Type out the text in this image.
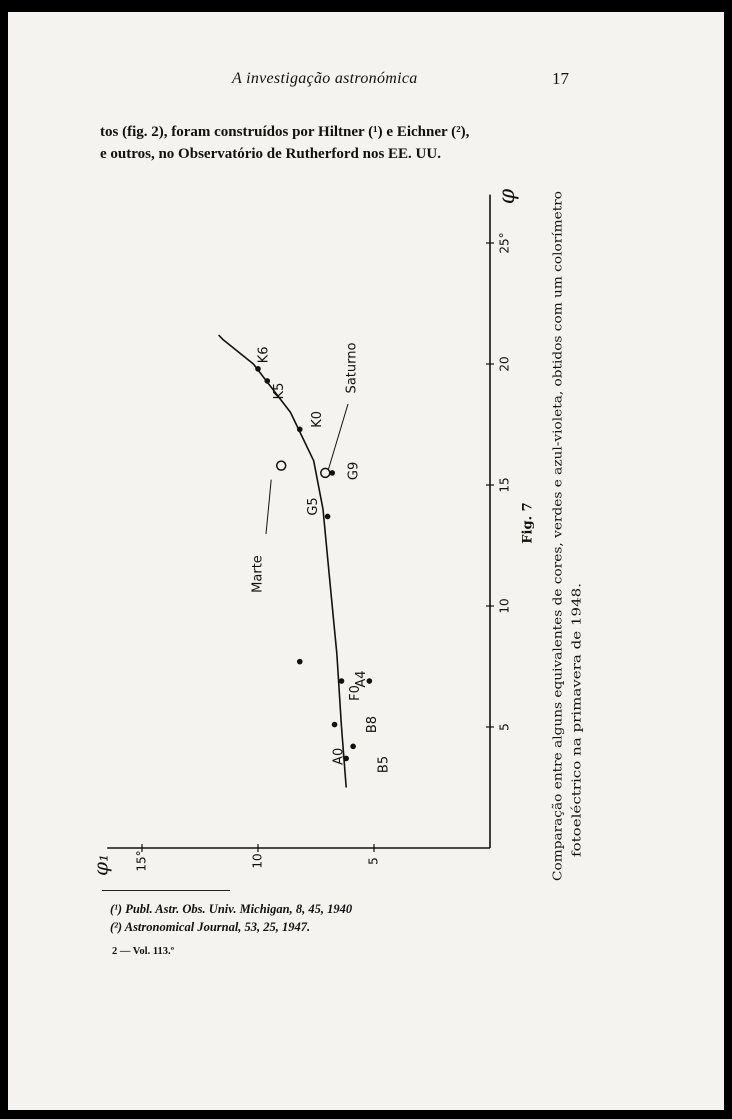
A investigação astronómica	17
tos (fig. 2), foram construídos por Hiltner (¹) e Eichner (²),
e outros, no Observatório de Rutherford nos EE. UU.
5
10
15
20
25°
5
10
15°
φ
φ₁
B5
A0
B8
A4
F0
G5
G9
K0
K5
K6	Saturno
Marte
Fig. 7 Comparação entre alguns equivalentes de cores, verdes e azul-violeta, obtidos com um colorímetro fotoeléctrico na primavera de 1948.
(¹) Publ. Astr. Obs. Univ. Michigan, 8, 45, 1940
(²) Astronomical Journal, 53, 25, 1947.
2 — Vol. 113.º
